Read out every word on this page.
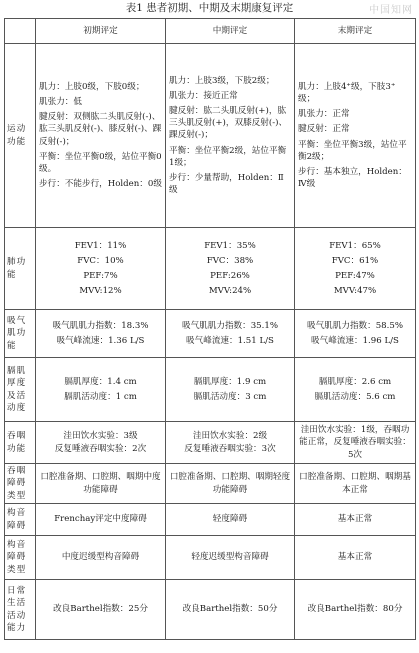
表1 患者初期、中期及末期康复评定	中国知网
	初期评定	中期评定	末期评定
运动功能	肌力：上肢0级，下肢0级；
肌张力：低
腱反射：双侧肱二头肌反射(-)、肱三头肌反射(-)、膝反射(-)、踝反射(-)；
平衡：坐位平衡0级，站位平衡0级。
步行：不能步行，Holden：0级	肌力：上肢3级，下肢2级；
肌张力：接近正常
腱反射：肱二头肌反射(+)，肱三头肌反射(+)，双膝反射(-)、踝反射(-)；
平衡：坐位平衡2级，站位平衡1级；
步行：少量帮助，Holden：Ⅱ级	肌力：上肢4⁺级，下肢3⁺级；
肌张力：正常
腱反射：正常
平衡：坐位平衡3级，站位平衡2级；
步行：基本独立，Holden：Ⅳ级

肺功能	FEV1：11%
FVC：10%
PEF:7%
MVV:12%	FEV1：35%
FVC：38%
PEF:26%
MVV:24%	FEV1：65%
FVC：61%
PEF:47%
MVV:47%

吸气肌功能	吸气肌肌力指数：18.3%
吸气峰流速：1.36 L/S	吸气肌肌力指数：35.1%
吸气峰流速：1.51 L/S	吸气肌肌力指数：58.5%
吸气峰流速：1.96 L/S

膈肌厚度及活动度	膈肌厚度：1.4 cm
膈肌活动度：1 cm	膈肌厚度：1.9 cm
膈肌活动度：3 cm	膈肌厚度：2.6 cm
膈肌活动度：5.6 cm

吞咽功能	洼田饮水实验：3级
反复唾液吞咽实验：2次	洼田饮水实验：2级
反复唾液吞咽实验：3次	洼田饮水实验：1级，吞咽功能正常，反复唾液吞咽实验：5次
吞咽障碍类型	口腔准备期、口腔期、咽期中度功能障碍	口腔准备期、口腔期、咽期轻度功能障碍	口腔准备期、口腔期、咽期基本正常
构音障碍	Frenchay评定中度障碍	轻度障碍	基本正常
构音障碍类型	中度迟缓型构音障碍	轻度迟缓型构音障碍	基本正常
日常生活活动能力	改良Barthel指数：25分	改良Barthel指数：50分	改良Barthel指数：80分
